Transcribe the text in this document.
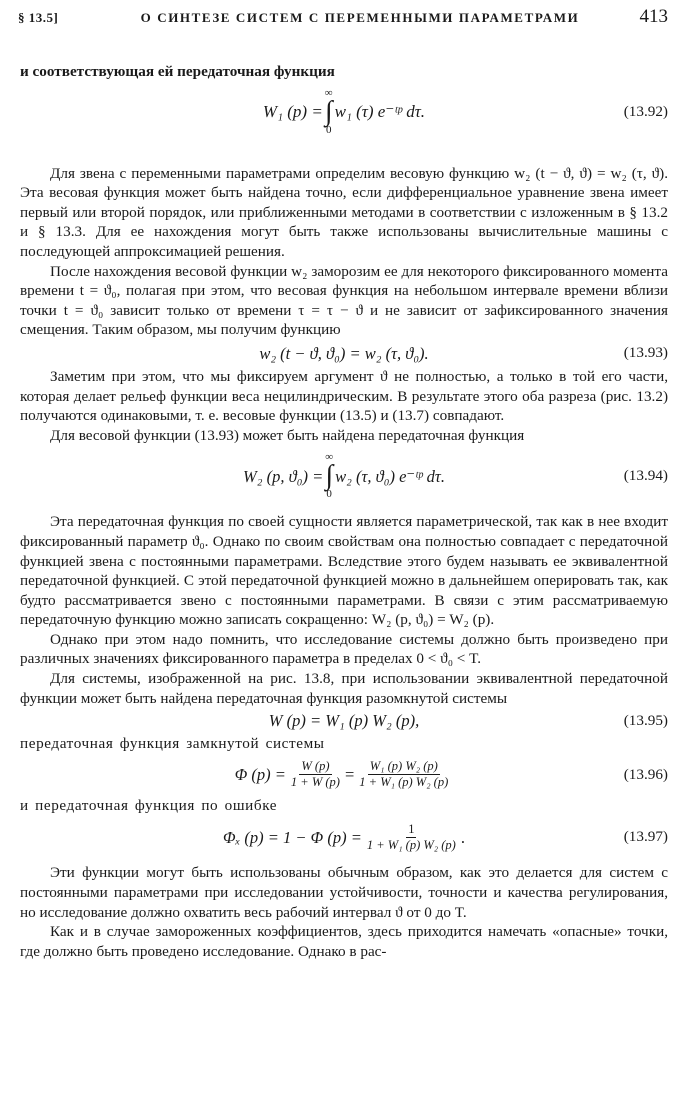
§ 13.5]	О СИНТЕЗЕ СИСТЕМ С ПЕРЕМЕННЫМИ ПАРАМЕТРАМИ	413

и соответствующая ей передаточная функция

W₁ (p) =
∞
∫
0
w₁ (τ) e⁻ᵗᵖ dτ.	(13.92)

Для звена с переменными параметрами определим весовую функцию w₂ (t − ϑ, ϑ) = w₂ (τ, ϑ). Эта весовая функция может быть найдена точно, если дифференциальное уравнение звена имеет первый или второй порядок, или приближенными методами в соответствии с изложенным в § 13.2 и § 13.3. Для ее нахождения могут быть также использованы вычислительные машины с последующей аппроксимацией решения.

После нахождения весовой функции w₂ заморозим ее для некоторого фиксированного момента времени t = ϑ₀, полагая при этом, что весовая функция на небольшом интервале времени вблизи точки t = ϑ₀ зависит только от времени τ = τ − ϑ и не зависит от зафиксированного значения смещения. Таким образом, мы получим функцию

w₂ (t − ϑ, ϑ₀) = w₂ (τ, ϑ₀).	(13.93)

Заметим при этом, что мы фиксируем аргумент ϑ не полностью, а только в той его части, которая делает рельеф функции веса нецилиндрическим. В результате этого оба разреза (рис. 13.2) получаются одинаковыми, т. е. весовые функции (13.5) и (13.7) совпадают.

Для весовой функции (13.93) может быть найдена передаточная функция

W₂ (p, ϑ₀) =
∞
∫
0
w₂ (τ, ϑ₀) e⁻ᵗᵖ dτ.	(13.94)

Эта передаточная функция по своей сущности является параметрической, так как в нее входит фиксированный параметр ϑ₀. Однако по своим свойствам она полностью совпадает с передаточной функцией звена с постоянными параметрами. Вследствие этого будем называть ее эквивалентной передаточной функцией. С этой передаточной функцией можно в дальнейшем оперировать так, как будто рассматривается звено с постоянными параметрами. В связи с этим рассматриваемую передаточную функцию можно записать сокращенно: W₂ (p, ϑ₀) = W₂ (p).

Однако при этом надо помнить, что исследование системы должно быть произведено при различных значениях фиксированного параметра в пределах 0 < ϑ₀ < T.

Для системы, изображенной на рис. 13.8, при использовании эквивалентной передаточной функции может быть найдена передаточная функция разомкнутой системы

W (p) = W₁ (p) W₂ (p),	(13.95)

передаточная функция замкнутой системы

Φ $(p) = \frac{W (p)}{1 + W (p)} = \frac{\text{W₁ (p) W₂ (p)}}{\text{1 + W₁ (p) W₂ (p)}}$	(13.96)

и передаточная функция по ошибке

Φₓ (p) = 1 − Φ $(p) = \frac{1}{\text{1 + W₁ (p) W₂ (p)}}$ .	(13.97)

Эти функции могут быть использованы обычным образом, как это делается для систем с постоянными параметрами при исследовании устойчивости, точности и качества регулирования, но исследование должно охватить весь рабочий интервал ϑ от 0 до T.

Как и в случае замороженных коэффициентов, здесь приходится намечать «опасные» точки, где должно быть проведено исследование. Однако в рас-
